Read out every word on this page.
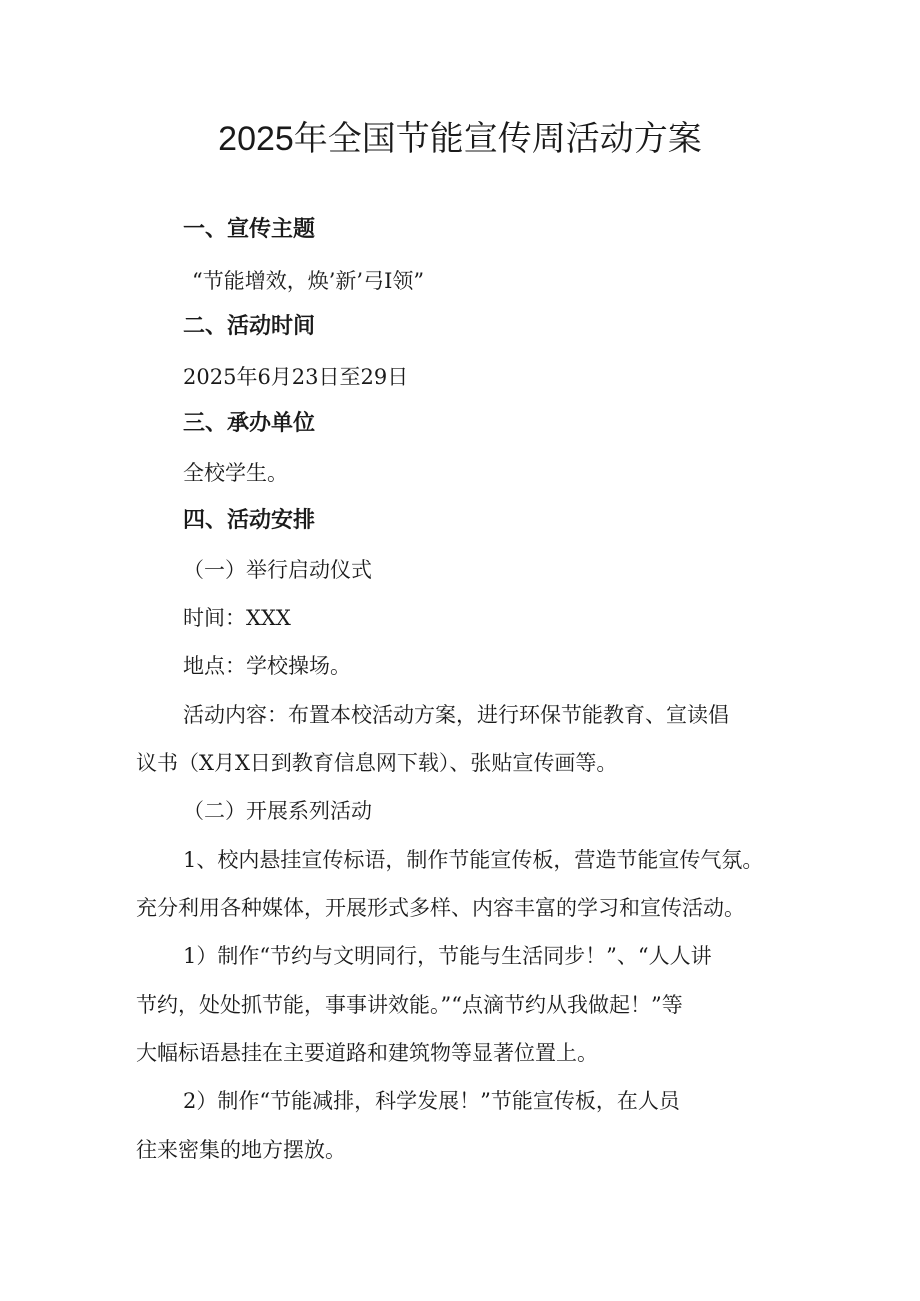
2025年全国节能宣传周活动方案

一、宣传主题

“节能增效，焕’新’弓I领”

二、活动时间

2025年6月23日至29日

三、承办单位

全校学生。

四、活动安排

（一）举行启动仪式

时间：XXX

地点：学校操场。

活动内容：布置本校活动方案，进行环保节能教育、宣读倡

议书（X月X日到教育信息网下载）、张贴宣传画等。

（二）开展系列活动

1、校内悬挂宣传标语，制作节能宣传板，营造节能宣传气氛。

充分利用各种媒体，开展形式多样、内容丰富的学习和宣传活动。

1）制作“节约与文明同行，节能与生活同步！”、“人人讲

节约，处处抓节能，事事讲效能。”“点滴节约从我做起！”等

大幅标语悬挂在主要道路和建筑物等显著位置上。

2）制作“节能减排，科学发展！”节能宣传板，在人员

往来密集的地方摆放。
